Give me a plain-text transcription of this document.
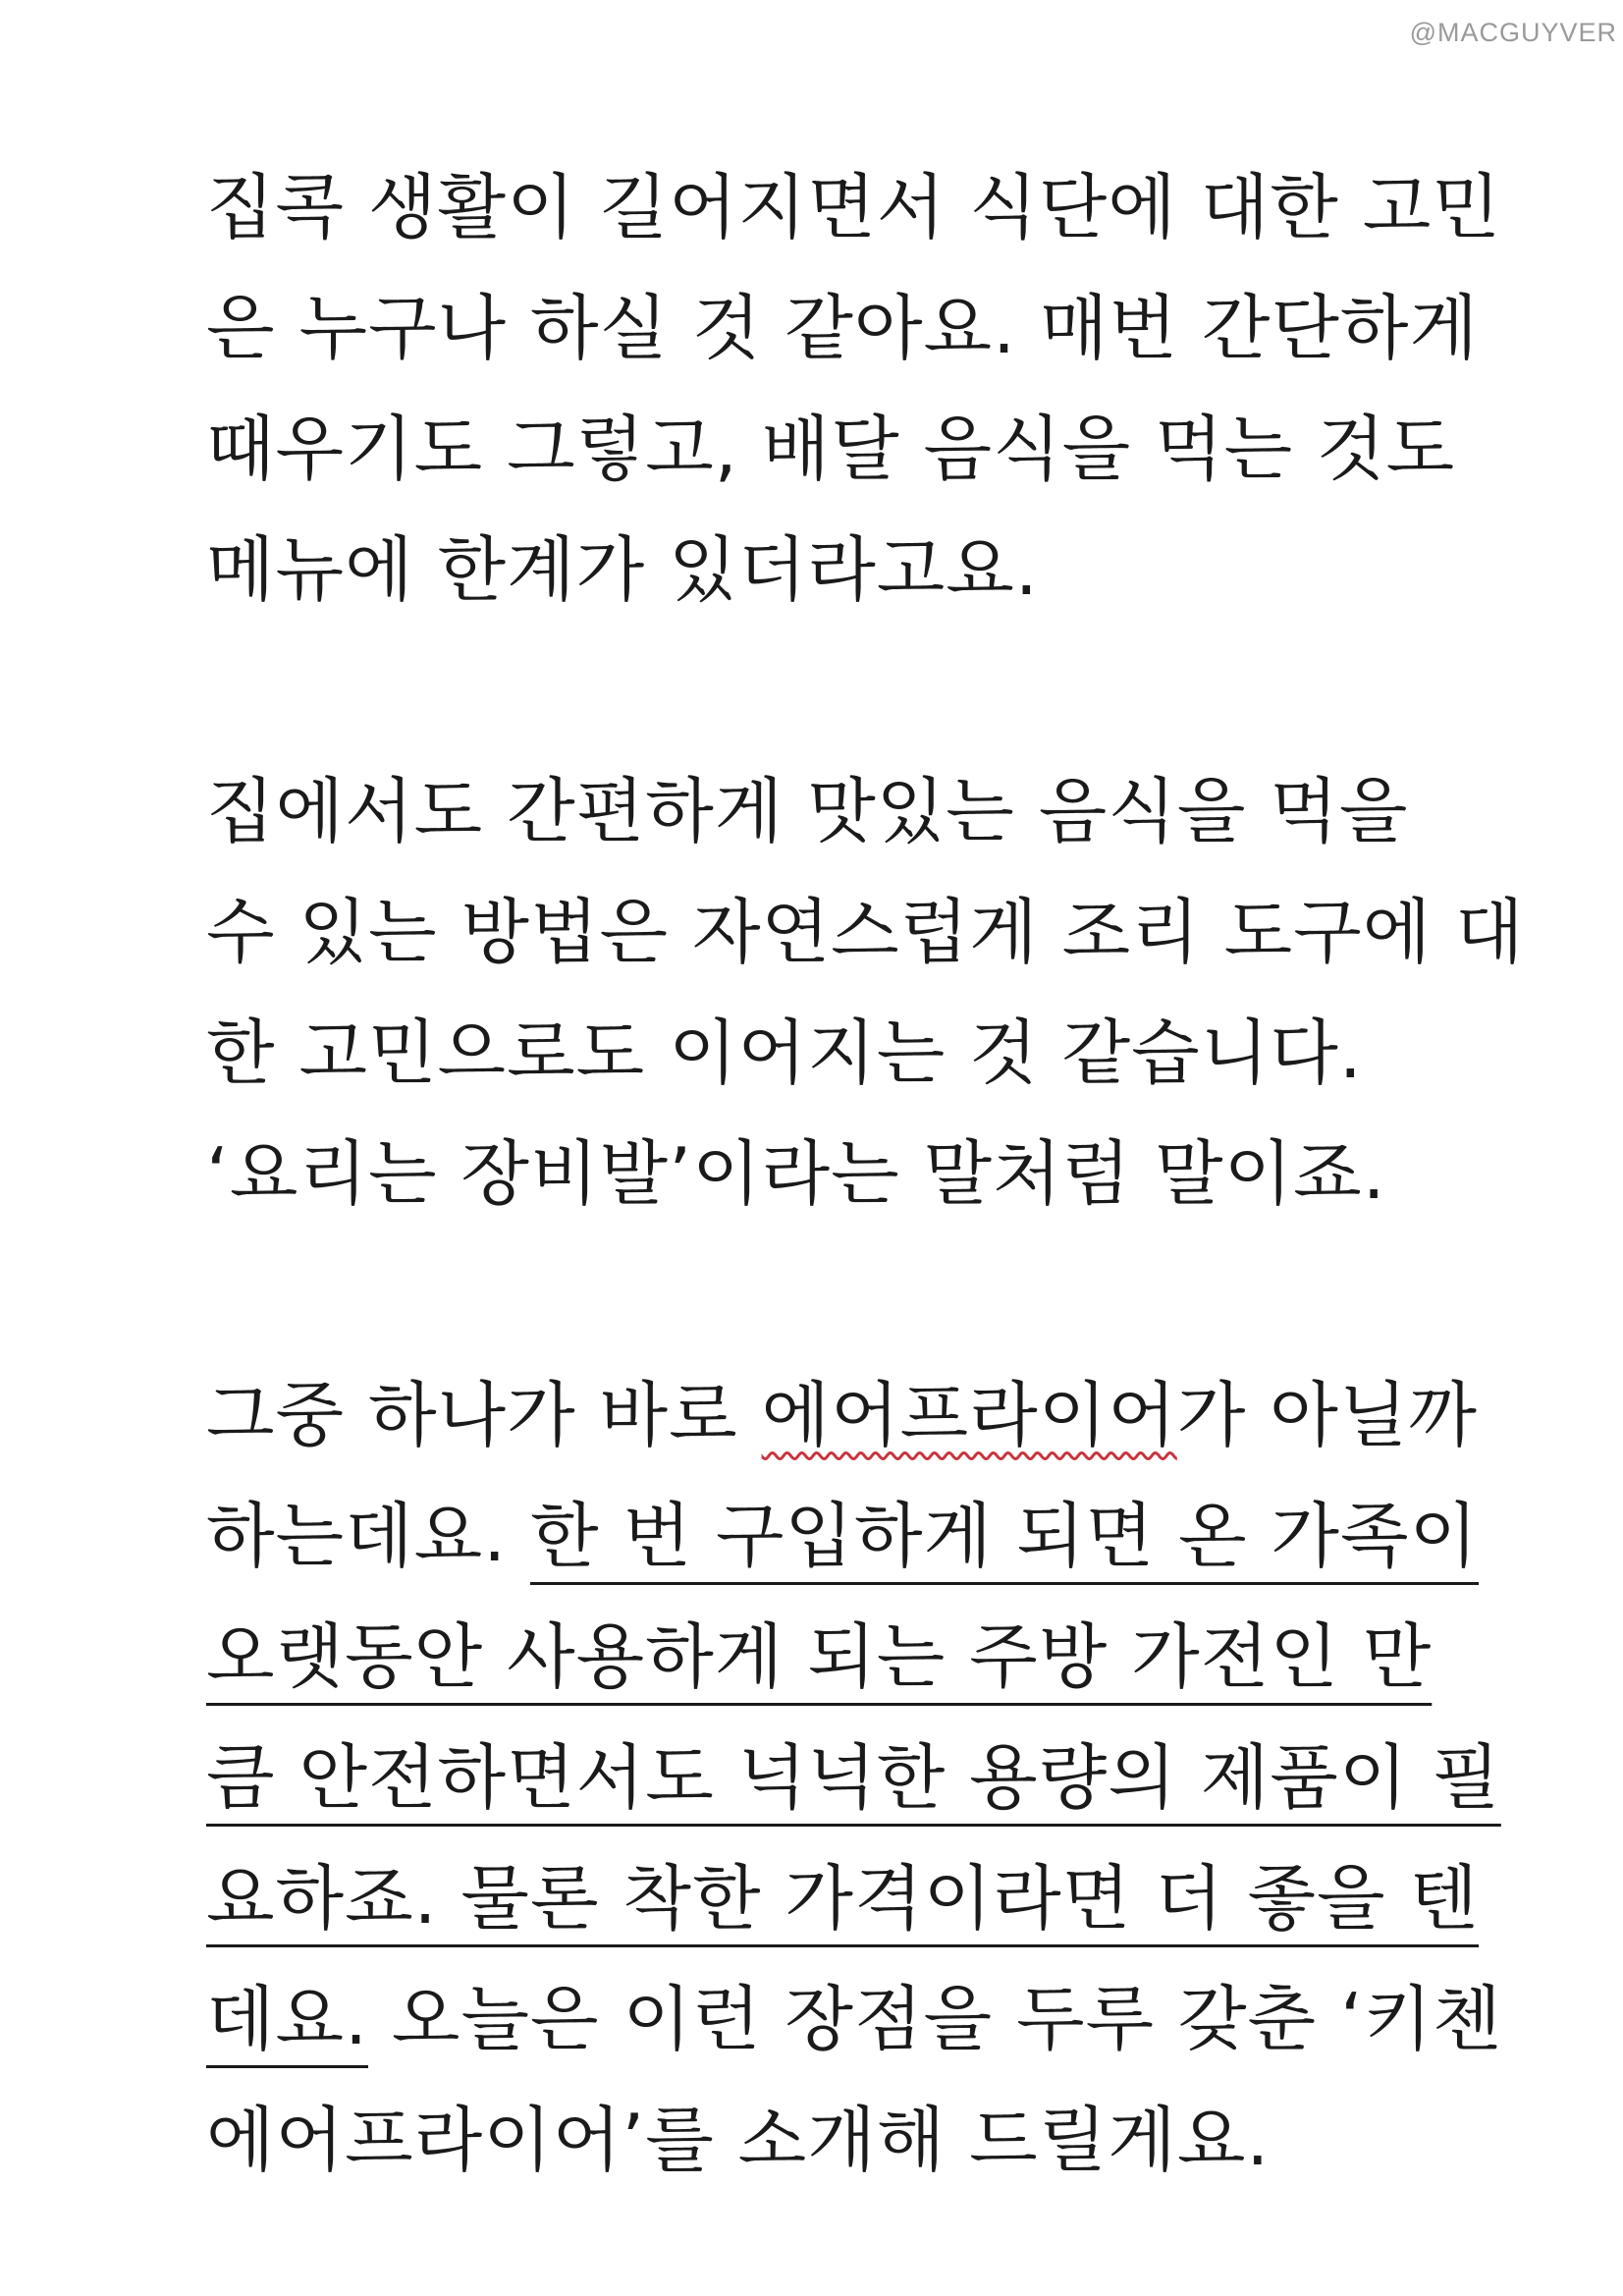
@MACGUYVER
집콕 생활이 길어지면서 식단에 대한 고민
은 누구나 하실 것 같아요. 매번 간단하게
때우기도 그렇고, 배달 음식을 먹는 것도
메뉴에 한계가 있더라고요.
집에서도 간편하게 맛있는 음식을 먹을
수 있는 방법은 자연스럽게 조리 도구에 대
한 고민으로도 이어지는 것 같습니다.
‘요리는 장비발’이라는 말처럼 말이죠.
그중 하나가 바로 에어프라이어가 아닐까
하는데요. 한 번 구입하게 되면 온 가족이
오랫동안 사용하게 되는 주방 가전인 만
큼 안전하면서도 넉넉한 용량의 제품이 필
요하죠. 물론 착한 가격이라면 더 좋을 텐
데요. 오늘은 이런 장점을 두루 갖춘 ‘키첸
에어프라이어’를 소개해 드릴게요.
